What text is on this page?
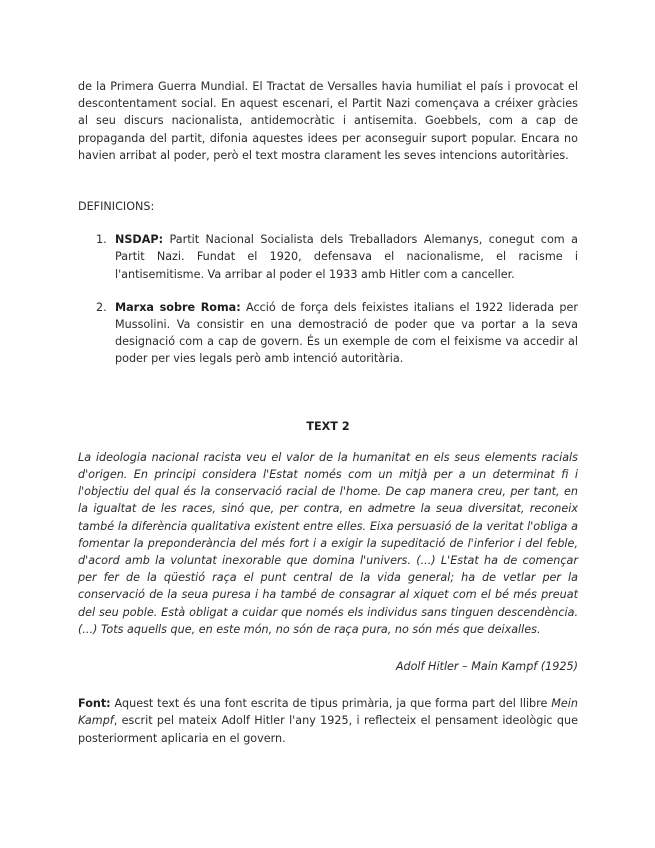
de la Primera Guerra Mundial. El Tractat de Versalles havia humiliat el país i provocat el descontentament social. En aquest escenari, el Partit Nazi començava a créixer gràcies al seu discurs nacionalista, antidemocràtic i antisemita. Goebbels, com a cap de propaganda del partit, difonia aquestes idees per aconseguir suport popular. Encara no havien arribat al poder, però el text mostra clarament les seves intencions autoritàries.

DEFINICIONS:

1. NSDAP: Partit Nacional Socialista dels Treballadors Alemanys, conegut com a Partit Nazi. Fundat el 1920, defensava el nacionalisme, el racisme i l'antisemitisme. Va arribar al poder el 1933 amb Hitler com a canceller.
2. Marxa sobre Roma: Acció de força dels feixistes italians el 1922 liderada per Mussolini. Va consistir en una demostració de poder que va portar a la seva designació com a cap de govern. És un exemple de com el feixisme va accedir al poder per vies legals però amb intenció autoritària.

TEXT 2

La ideologia nacional racista veu el valor de la humanitat en els seus elements racials d'origen. En principi considera l'Estat només com un mitjà per a un determinat fi i l'objectiu del qual és la conservació racial de l'home. De cap manera creu, per tant, en la igualtat de les races, sinó que, per contra, en admetre la seua diversitat, reconeix també la diferència qualitativa existent entre elles. Eixa persuasió de la veritat l'obliga a fomentar la preponderància del més fort i a exigir la supeditació de l'inferior i del feble, d'acord amb la voluntat inexorable que domina l'univers. (...) L'Estat ha de començar per fer de la qüestió raça el punt central de la vida general; ha de vetlar per la conservació de la seua puresa i ha també de consagrar al xiquet com el bé més preuat del seu poble. Està obligat a cuidar que només els individus sans tinguen descendència. (...) Tots aquells que, en este món, no són de raça pura, no són més que deixalles.

Adolf Hitler – Main Kampf (1925)

Font: Aquest text és una font escrita de tipus primària, ja que forma part del llibre Mein Kampf, escrit pel mateix Adolf Hitler l'any 1925, i reflecteix el pensament ideològic que posteriorment aplicaria en el govern.
